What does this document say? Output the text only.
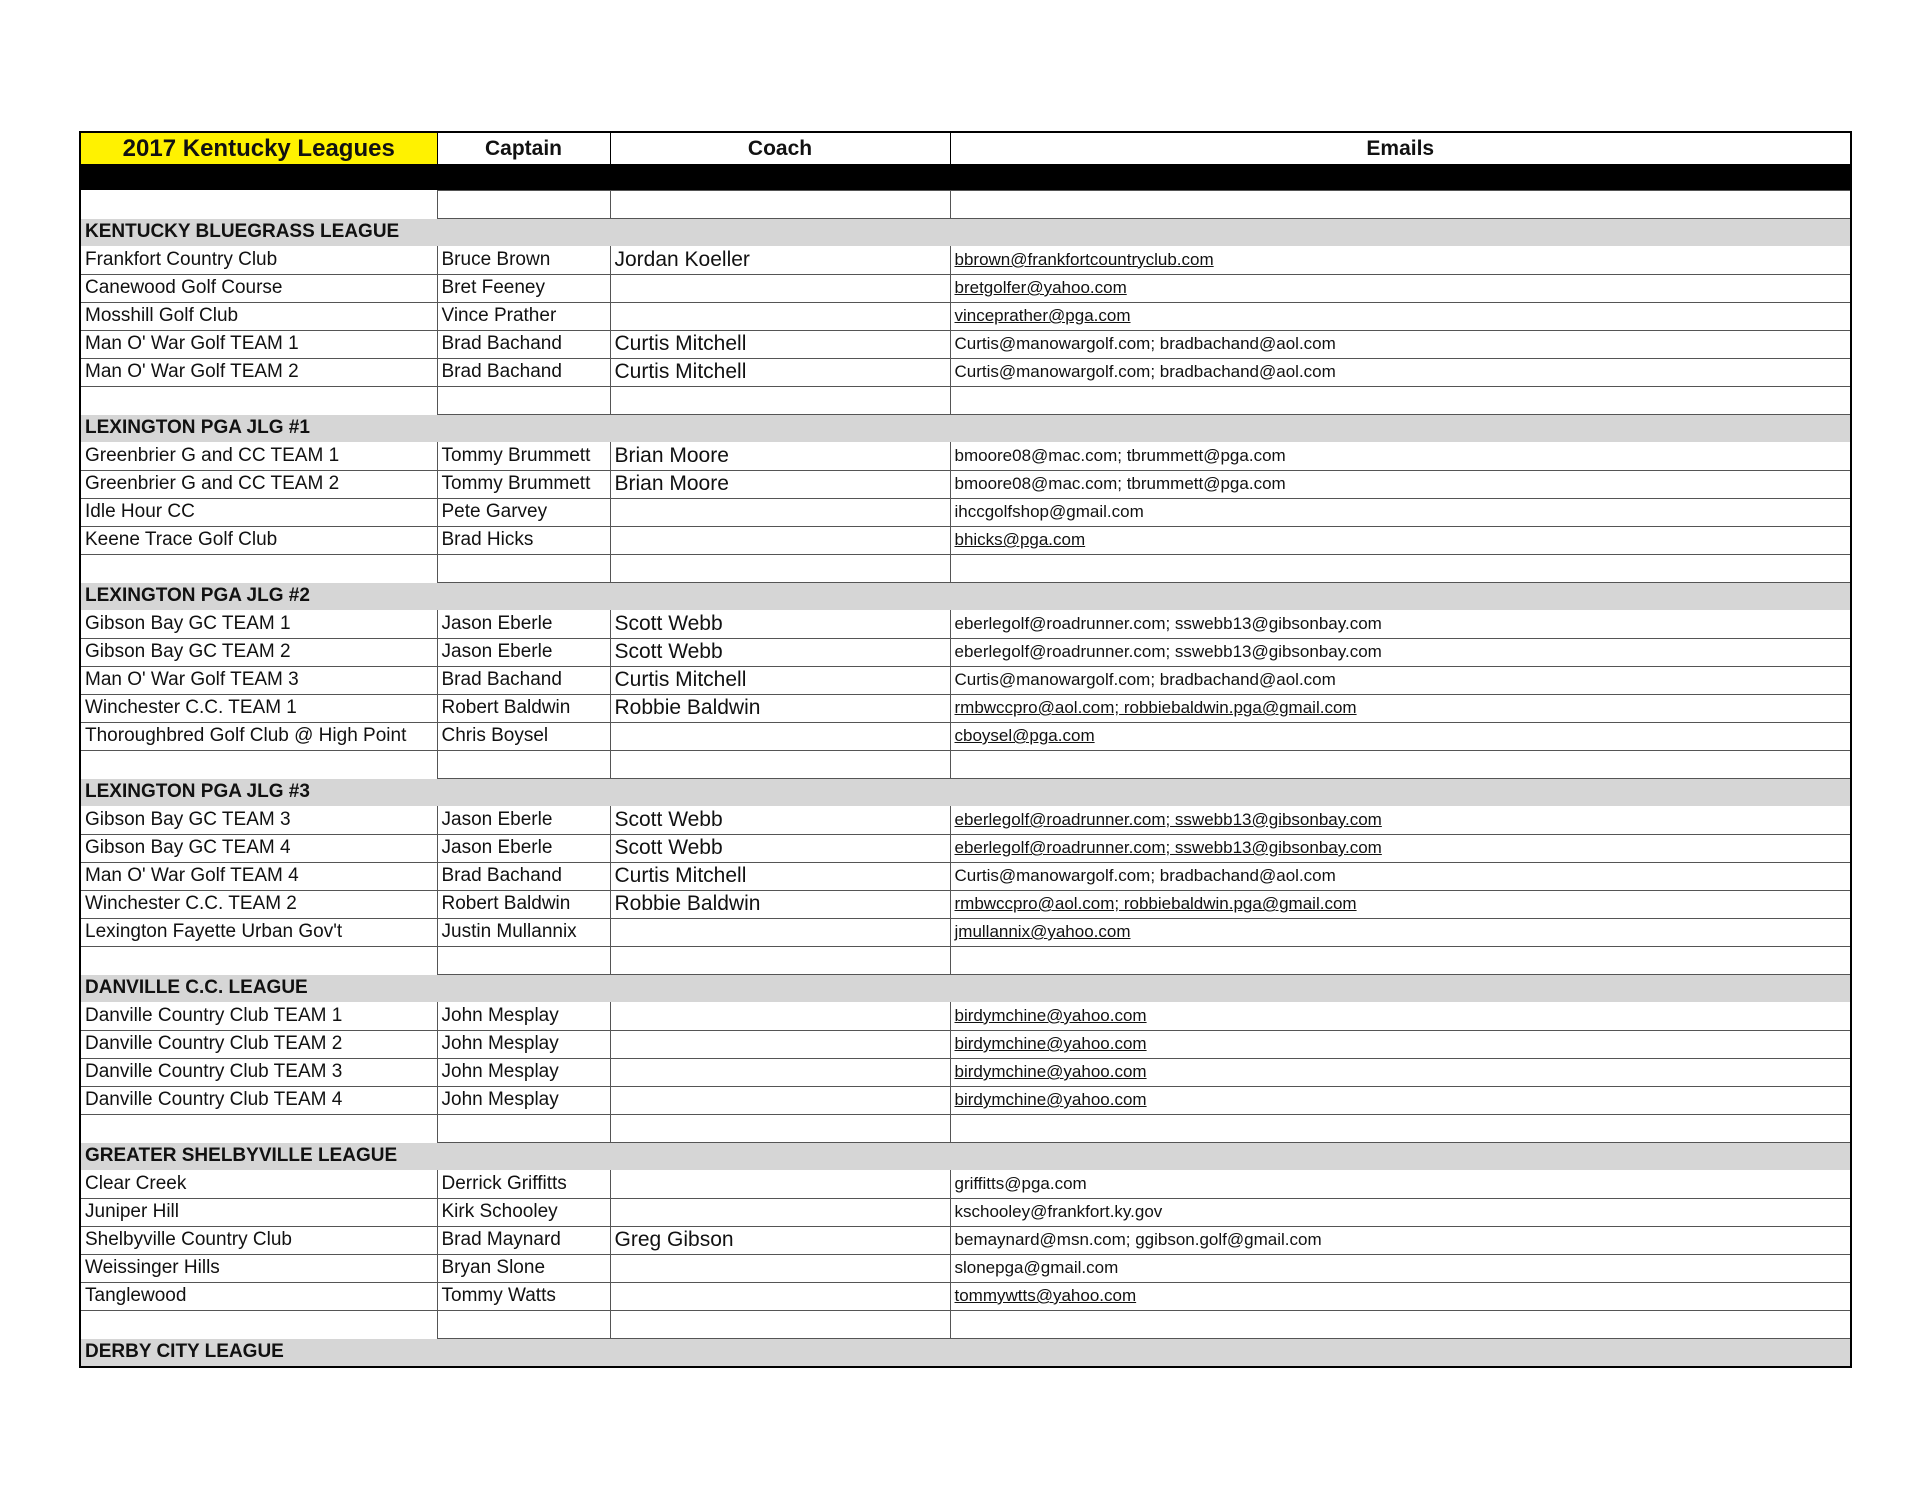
2017 Kentucky Leagues	Captain	Coach	Emails

KENTUCKY BLUEGRASS LEAGUE			
Frankfort Country Club	Bruce Brown	Jordan Koeller	bbrown@frankfortcountryclub.com
Canewood Golf Course	Bret Feeney		bretgolfer@yahoo.com
Mosshill Golf Club	Vince Prather		vinceprather@pga.com
Man O' War Golf TEAM 1	Brad Bachand	Curtis Mitchell	Curtis@manowargolf.com; bradbachand@aol.com
Man O' War Golf TEAM 2	Brad Bachand	Curtis Mitchell	Curtis@manowargolf.com; bradbachand@aol.com

LEXINGTON PGA JLG #1			
Greenbrier G and CC TEAM 1	Tommy Brummett	Brian Moore	bmoore08@mac.com; tbrummett@pga.com
Greenbrier G and CC TEAM 2	Tommy Brummett	Brian Moore	bmoore08@mac.com; tbrummett@pga.com
Idle Hour CC	Pete Garvey		ihccgolfshop@gmail.com
Keene Trace Golf Club	Brad Hicks		bhicks@pga.com

LEXINGTON PGA JLG #2			
Gibson Bay GC TEAM 1	Jason Eberle	Scott Webb	eberlegolf@roadrunner.com; sswebb13@gibsonbay.com
Gibson Bay GC TEAM 2	Jason Eberle	Scott Webb	eberlegolf@roadrunner.com; sswebb13@gibsonbay.com
Man O' War Golf TEAM 3	Brad Bachand	Curtis Mitchell	Curtis@manowargolf.com; bradbachand@aol.com
Winchester C.C. TEAM 1	Robert Baldwin	Robbie Baldwin	rmbwccpro@aol.com; robbiebaldwin.pga@gmail.com
Thoroughbred Golf Club @ High Point	Chris Boysel		cboysel@pga.com

LEXINGTON PGA JLG #3			
Gibson Bay GC TEAM 3	Jason Eberle	Scott Webb	eberlegolf@roadrunner.com; sswebb13@gibsonbay.com
Gibson Bay GC TEAM 4	Jason Eberle	Scott Webb	eberlegolf@roadrunner.com; sswebb13@gibsonbay.com
Man O' War Golf TEAM 4	Brad Bachand	Curtis Mitchell	Curtis@manowargolf.com; bradbachand@aol.com
Winchester C.C. TEAM 2	Robert Baldwin	Robbie Baldwin	rmbwccpro@aol.com; robbiebaldwin.pga@gmail.com
Lexington Fayette Urban Gov't	Justin Mullannix		jmullannix@yahoo.com

DANVILLE C.C. LEAGUE			
Danville Country Club TEAM 1	John Mesplay		birdymchine@yahoo.com
Danville Country Club TEAM 2	John Mesplay		birdymchine@yahoo.com
Danville Country Club TEAM 3	John Mesplay		birdymchine@yahoo.com
Danville Country Club TEAM 4	John Mesplay		birdymchine@yahoo.com

GREATER SHELBYVILLE LEAGUE			
Clear Creek	Derrick Griffitts		griffitts@pga.com
Juniper Hill	Kirk Schooley		kschooley@frankfort.ky.gov
Shelbyville Country Club	Brad Maynard	Greg Gibson	bemaynard@msn.com; ggibson.golf@gmail.com
Weissinger Hills	Bryan Slone		slonepga@gmail.com
Tanglewood	Tommy Watts		tommywtts@yahoo.com

DERBY CITY LEAGUE			
